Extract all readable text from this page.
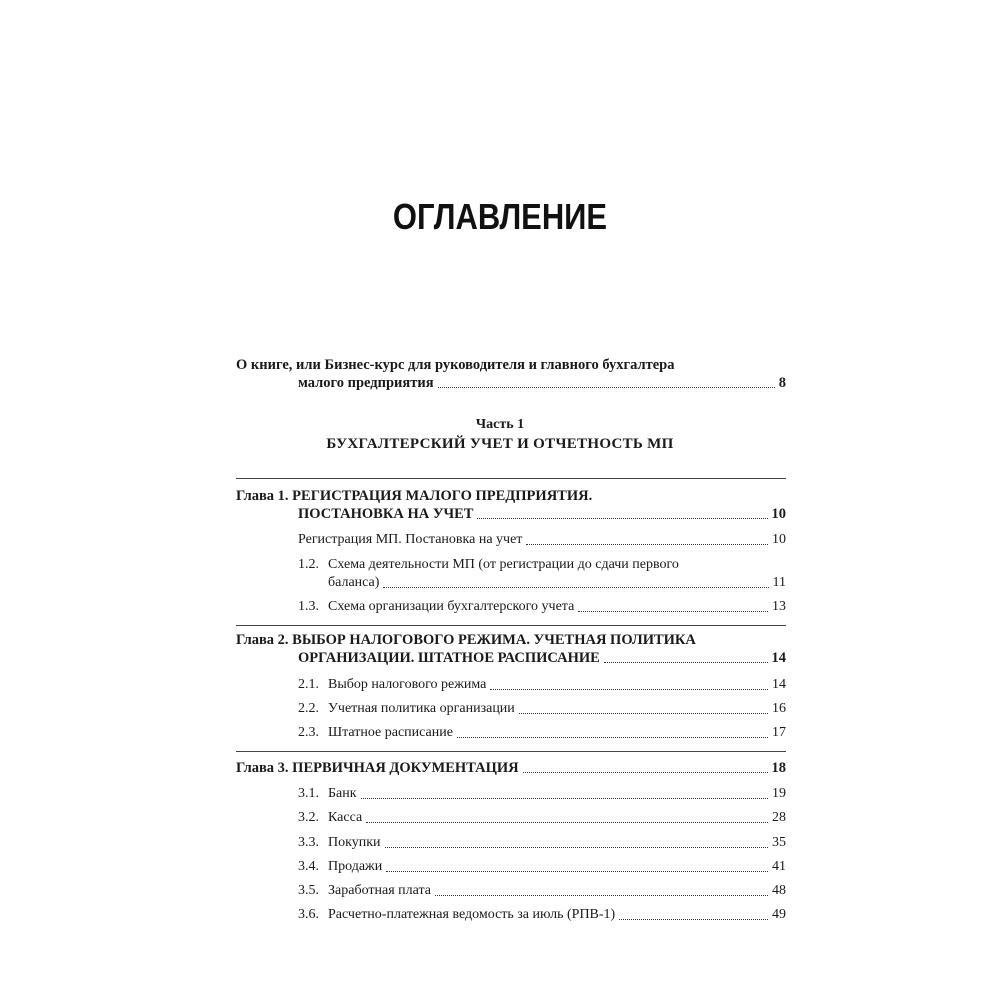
ОГЛАВЛЕНИЕ
О книге, или Бизнес-курс для руководителя и главного бухгалтера
малого предприятия	8
Часть 1
БУХГАЛТЕРСКИЙ УЧЕТ И ОТЧЕТНОСТЬ МП
Глава 1. РЕГИСТРАЦИЯ МАЛОГО ПРЕДПРИЯТИЯ.
ПОСТАНОВКА НА УЧЕТ	10
Регистрация МП. Постановка на учет	10
1.2. Схема деятельности МП (от регистрации до сдачи первого
баланса)	11
1.3. Схема организации бухгалтерского учета	13
Глава 2. ВЫБОР НАЛОГОВОГО РЕЖИМА. УЧЕТНАЯ ПОЛИТИКА
ОРГАНИЗАЦИИ. ШТАТНОЕ РАСПИСАНИЕ	14
2.1. Выбор налогового режима	14
2.2. Учетная политика организации	16
2.3. Штатное расписание	17
Глава 3. ПЕРВИЧНАЯ ДОКУМЕНТАЦИЯ	18
3.1. Банк	19
3.2. Касса	28
3.3. Покупки	35
3.4. Продажи	41
3.5. Заработная плата	48
3.6. Расчетно-платежная ведомость за июль (РПВ-1)	49
